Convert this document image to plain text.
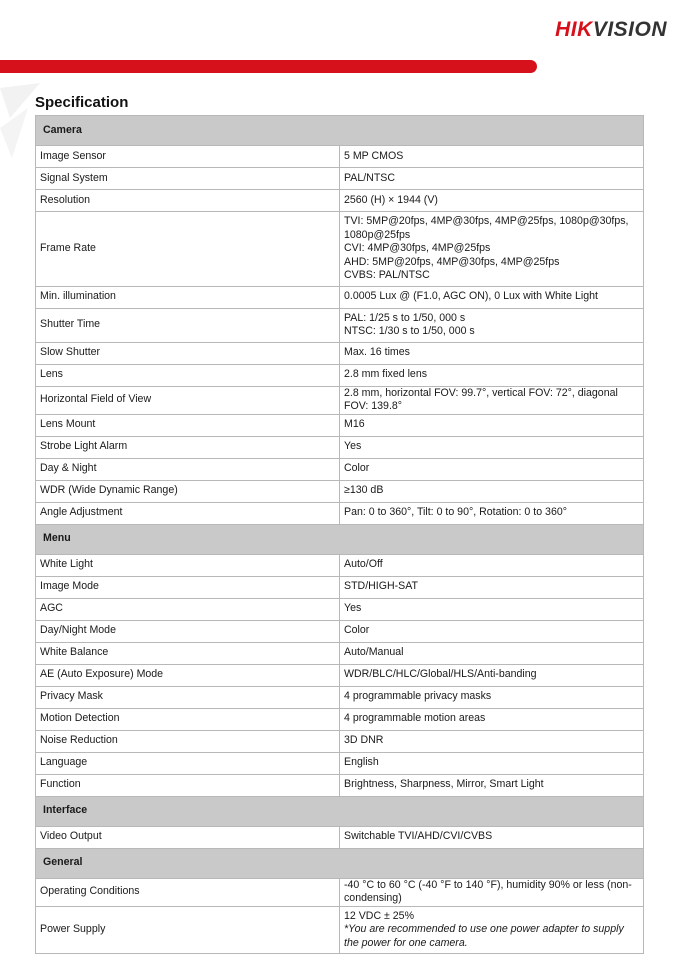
HIKVISION
Specification
Camera	
Image Sensor	5 MP CMOS

Signal System	PAL/NTSC

Resolution	2560 (H) × 1944 (V)

Frame Rate	TVI: 5MP@20fps, 4MP@30fps, 4MP@25fps, 1080p@30fps, 1080p@25fps
CVI: 4MP@30fps, 4MP@25fps
AHD: 5MP@20fps, 4MP@30fps, 4MP@25fps
CVBS: PAL/NTSC

Min. illumination	0.0005 Lux @ (F1.0, AGC ON), 0 Lux with White Light

Shutter Time	PAL: 1/25 s to 1/50, 000 s
NTSC: 1/30 s to 1/50, 000 s

Slow Shutter	Max. 16 times

Lens	2.8 mm fixed lens

Horizontal Field of View	2.8 mm, horizontal FOV: 99.7°, vertical FOV: 72°, diagonal FOV: 139.8°

Lens Mount	M16

Strobe Light Alarm	Yes

Day & Night	Color

WDR (Wide Dynamic Range)	≥130 dB

Angle Adjustment	Pan: 0 to 360°, Tilt: 0 to 90°, Rotation: 0 to 360°

Menu	
White Light	Auto/Off

Image Mode	STD/HIGH-SAT

AGC	Yes

Day/Night Mode	Color

White Balance	Auto/Manual

AE (Auto Exposure) Mode	WDR/BLC/HLC/Global/HLS/Anti-banding

Privacy Mask	4 programmable privacy masks

Motion Detection	4 programmable motion areas

Noise Reduction	3D DNR

Language	English

Function	Brightness, Sharpness, Mirror, Smart Light

Interface	
Video Output	Switchable TVI/AHD/CVI/CVBS

General	
Operating Conditions	-40 °C to 60 °C (-40 °F to 140 °F), humidity 90% or less (non-condensing)

Power Supply	12 VDC ± 25%
*You are recommended to use one power adapter to supply the power for one camera.
